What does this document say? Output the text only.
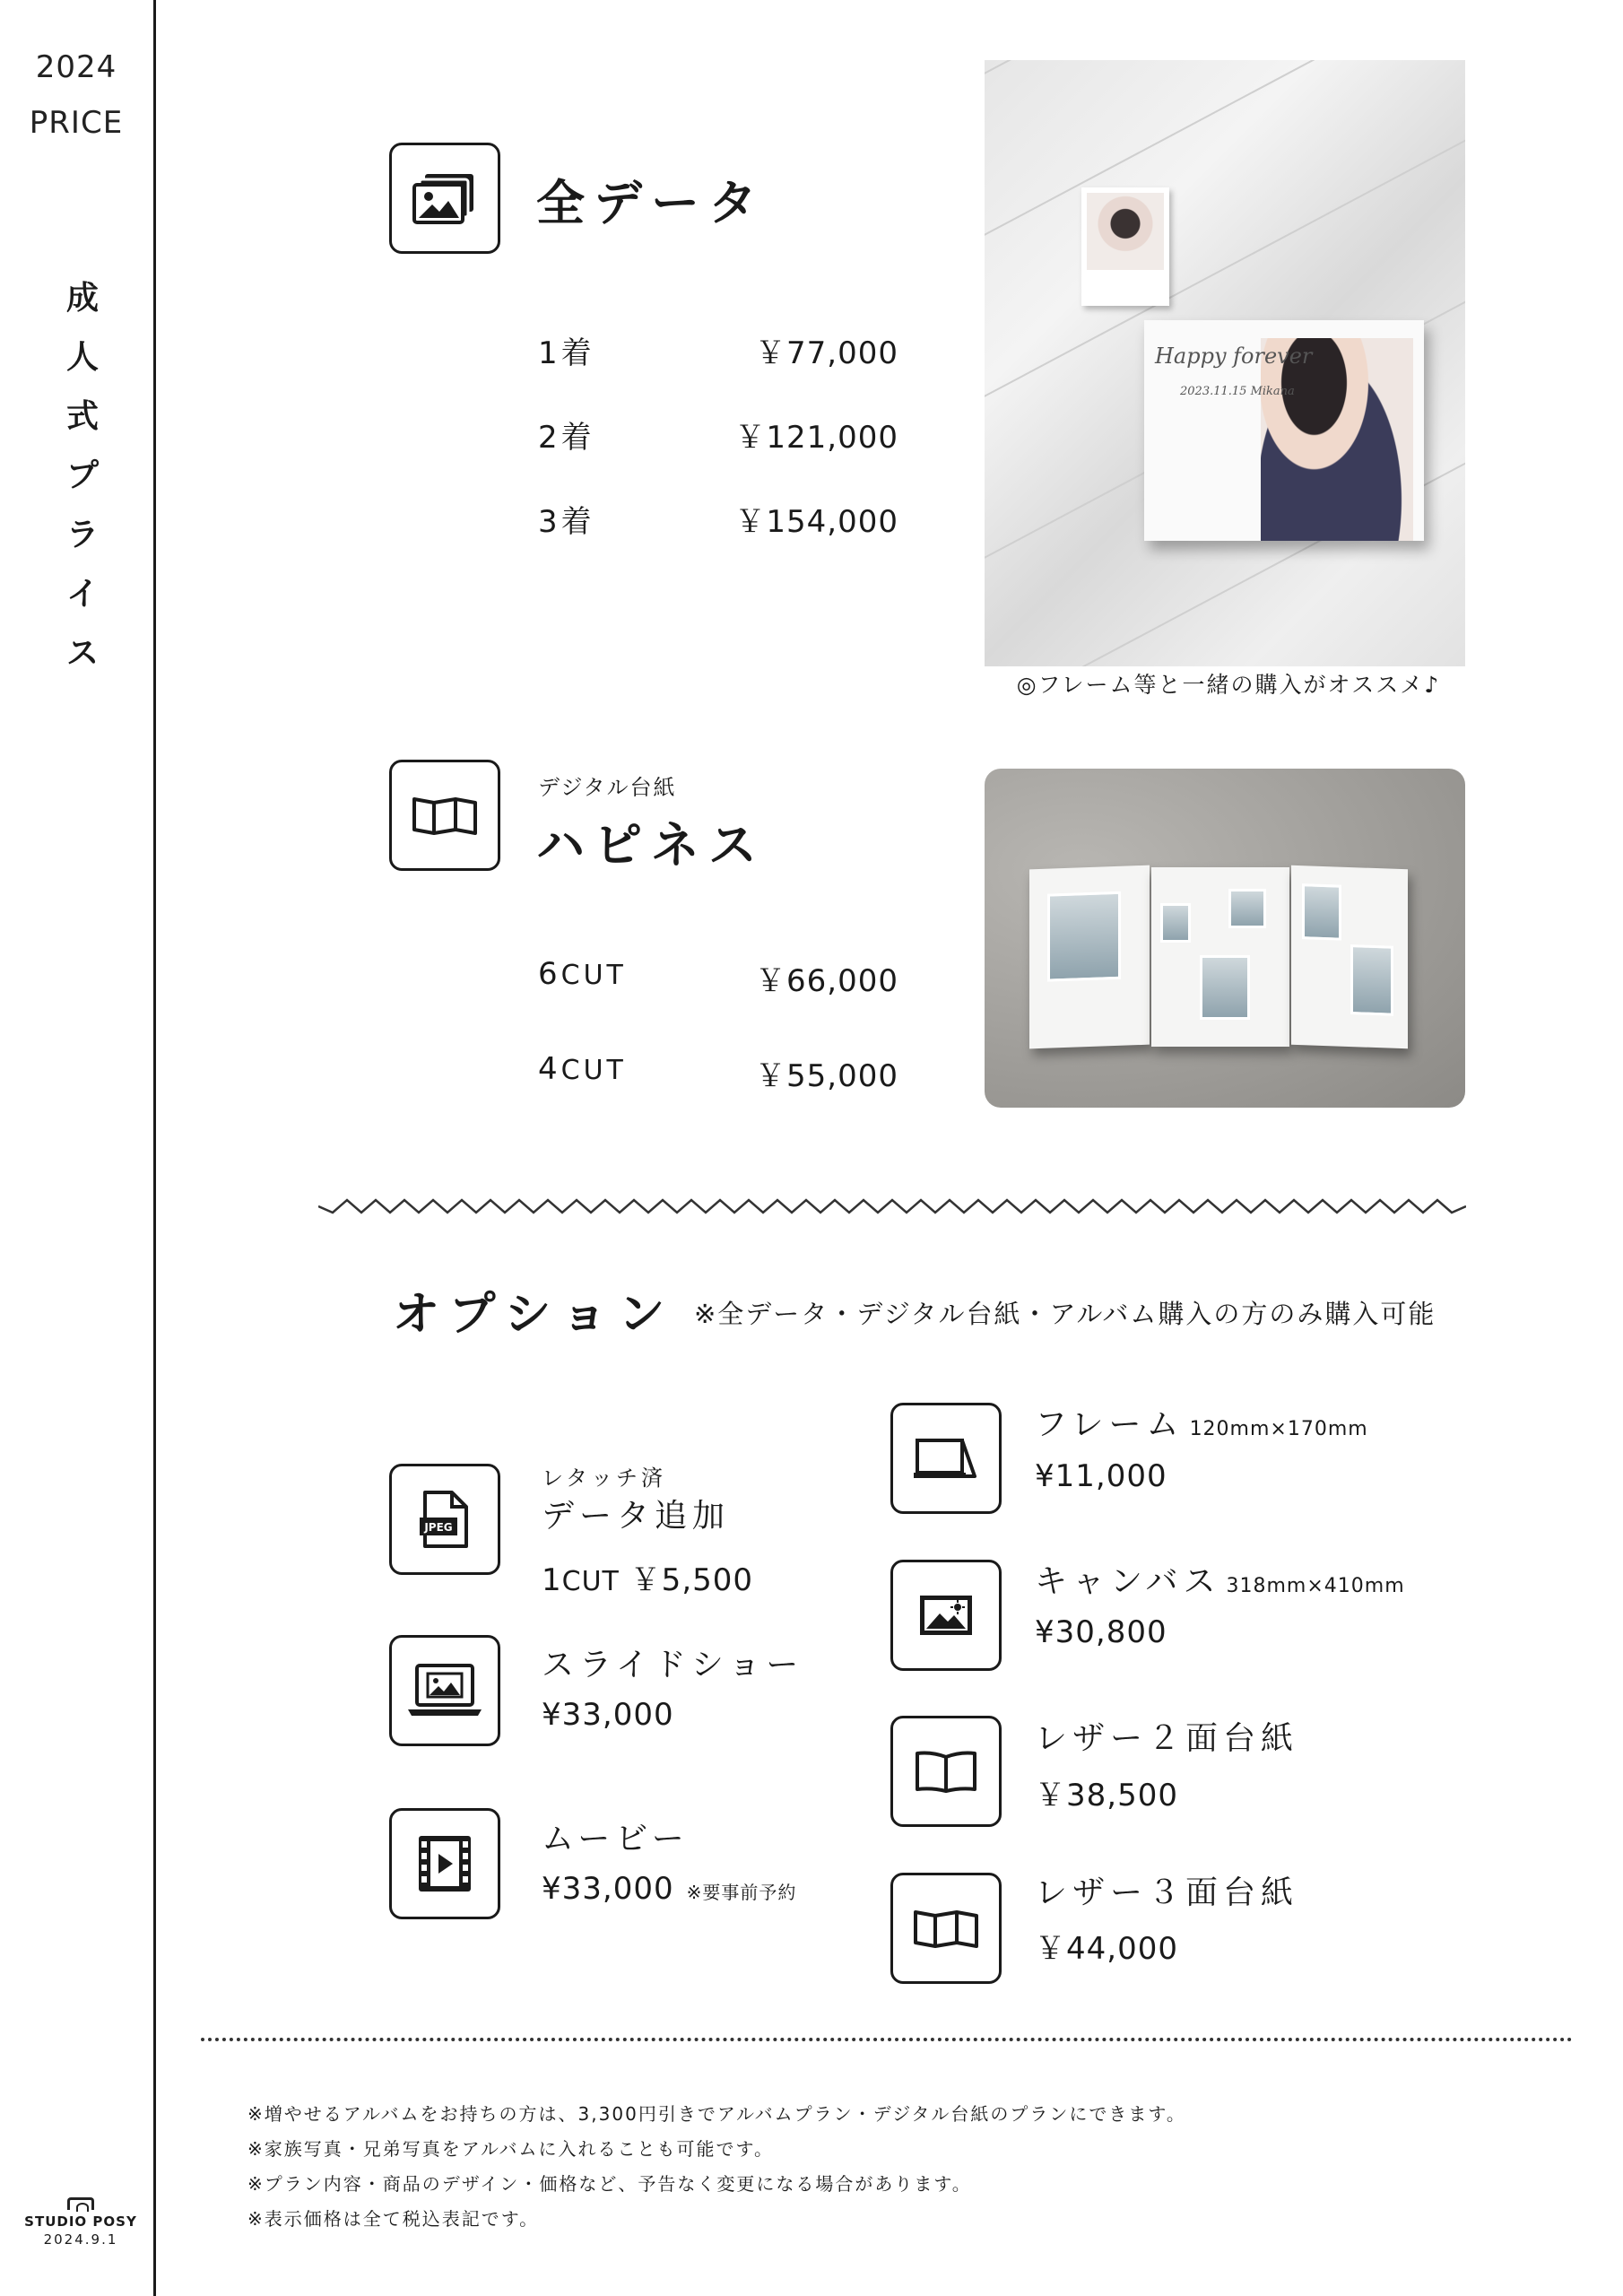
2024
PRICE
成
人
式
プ
ラ
イ
ス
STUDIO POSY
2024.9.1
全データ
1着	￥77,000
2着	￥121,000
3着	￥154,000
Happy forever
2023.11.15 Mikana
◎フレーム等と一緒の購入がオススメ♪
デジタル台紙
ハピネス
6CUT	￥66,000
4CUT	￥55,000
オプション ※全データ・デジタル台紙・アルバム購入の方のみ購入可能
JPEG
レタッチ済
データ追加
1CUT ￥5,500
スライドショー
¥33,000
ムービー
¥33,000 ※要事前予約
フレーム 120mm×170mm
¥11,000
キャンバス 318mm×410mm
¥30,800
レザー２面台紙
￥38,500
レザー３面台紙
￥44,000
※増やせるアルバムをお持ちの方は、3,300円引きでアルバムプラン・デジタル台紙のプランにできます。
※家族写真・兄弟写真をアルバムに入れることも可能です。
※プラン内容・商品のデザイン・価格など、予告なく変更になる場合があります。
※表示価格は全て税込表記です。
